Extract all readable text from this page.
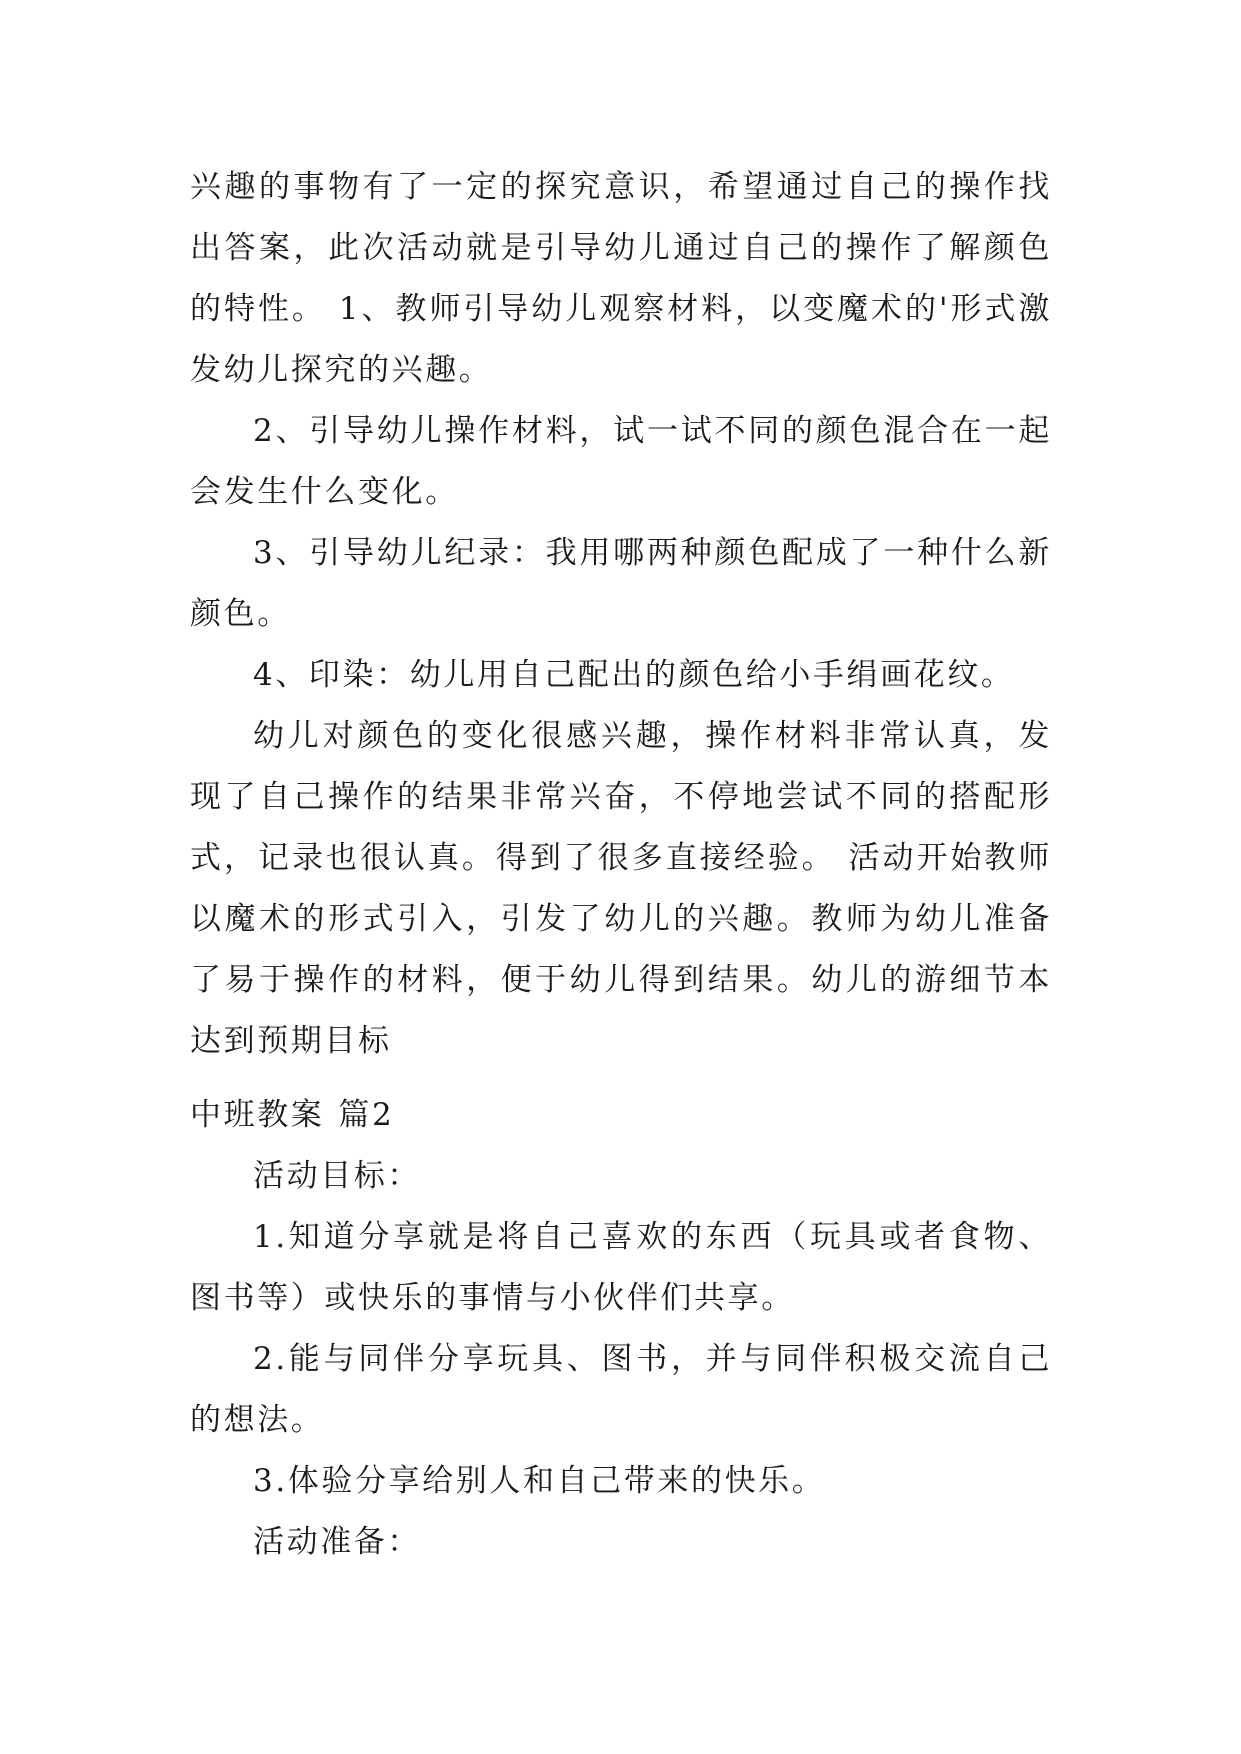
兴趣的事物有了一定的探究意识，希望通过自己的操作找出答案，此次活动就是引导幼儿通过自己的操作了解颜色的特性。 1、教师引导幼儿观察材料，以变魔术的'形式激发幼儿探究的兴趣。

2、引导幼儿操作材料，试一试不同的颜色混合在一起会发生什么变化。

3、引导幼儿纪录：我用哪两种颜色配成了一种什么新颜色。

4、印染：幼儿用自己配出的颜色给小手绢画花纹。

幼儿对颜色的变化很感兴趣，操作材料非常认真，发现了自己操作的结果非常兴奋，不停地尝试不同的搭配形式，记录也很认真。得到了很多直接经验。 活动开始教师以魔术的形式引入，引发了幼儿的兴趣。教师为幼儿准备了易于操作的材料，便于幼儿得到结果。幼儿的游细节本达到预期目标

中班教案 篇2

活动目标：

1.知道分享就是将自己喜欢的东西（玩具或者食物、图书等）或快乐的事情与小伙伴们共享。

2.能与同伴分享玩具、图书，并与同伴积极交流自己的想法。

3.体验分享给别人和自己带来的快乐。

活动准备：
